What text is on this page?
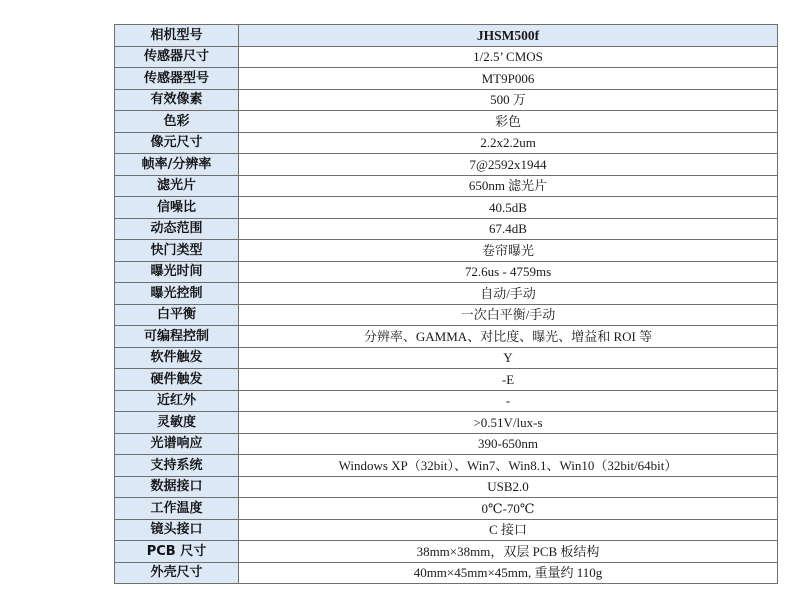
相机型号	JHSM500f
传感器尺寸	1/2.5’ CMOS
传感器型号	MT9P006
有效像素	500 万
色彩	彩色
像元尺寸	2.2x2.2um
帧率/分辨率	7@2592x1944
滤光片	650nm 滤光片
信噪比	40.5dB
动态范围	67.4dB
快门类型	卷帘曝光
曝光时间	72.6us - 4759ms
曝光控制	自动/手动
白平衡	一次白平衡/手动
可编程控制	分辨率、GAMMA、对比度、曝光、增益和 ROI 等
软件触发	Y
硬件触发	-E
近红外	-
灵敏度	>0.51V/lux-s
光谱响应	390-650nm
支持系统	Windows XP（32bit）、Win7、Win8.1、Win10（32bit/64bit）
数据接口	USB2.0
工作温度	0℃-70℃
镜头接口	C 接口
PCB 尺寸	38mm×38mm，双层 PCB 板结构
外壳尺寸	40mm×45mm×45mm, 重量约 110g
